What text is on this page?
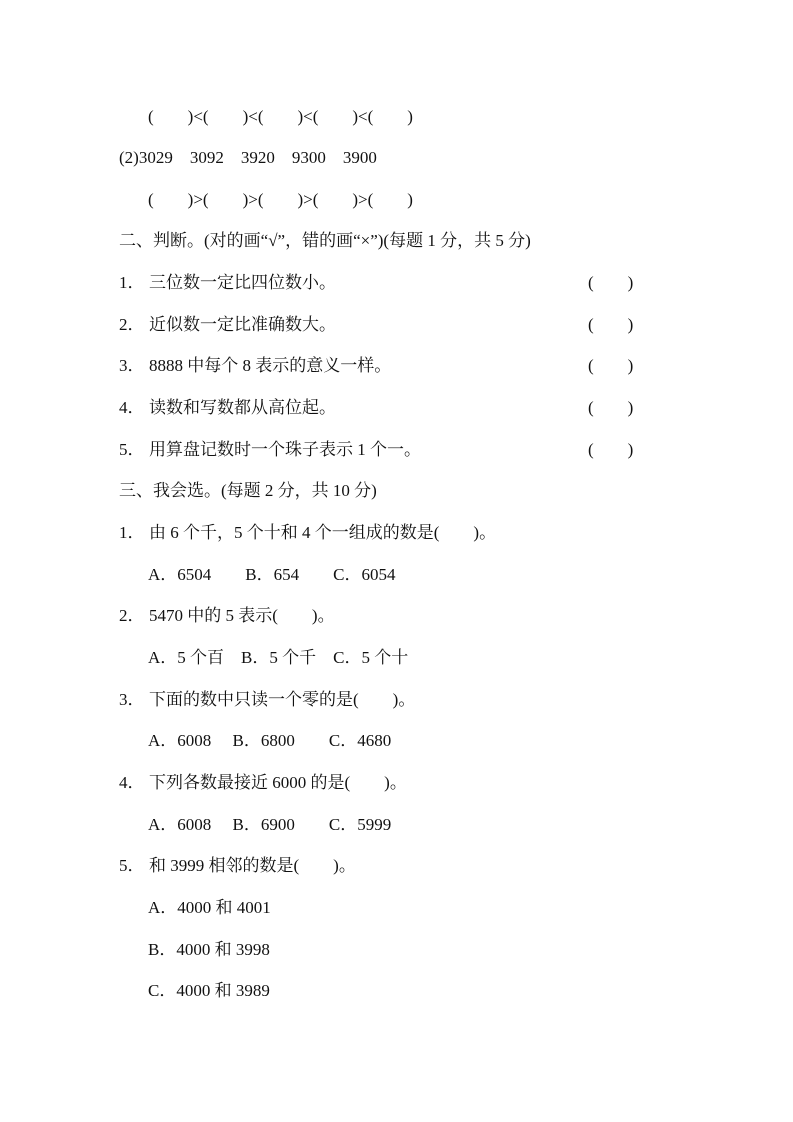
(　　)<(　　)<(　　)<(　　)<(　　)
(2)3029　3092　3920　9300　3900
(　　)>(　　)>(　　)>(　　)>(　　)
二、判断。(对的画“√”，错的画“×”)(每题 1 分，共 5 分)
1． 三位数一定比四位数小。	(　　)
2． 近似数一定比准确数大。	(　　)
3． 8888 中每个 8 表示的意义一样。	(　　)
4． 读数和写数都从高位起。	(　　)
5． 用算盘记数时一个珠子表示 1 个一。	(　　)
三、我会选。(每题 2 分，共 10 分)
1． 由 6 个千，5 个十和 4 个一组成的数是(　　)。
A．6504　　B．654　　C．6054
2． 5470 中的 5 表示(　　)。
A．5 个百　B．5 个千　C．5 个十
3． 下面的数中只读一个零的是(　　)。
A．6008　 B．6800　　C．4680
4． 下列各数最接近 6000 的是(　　)。
A．6008　 B．6900　　C．5999
5． 和 3999 相邻的数是(　　)。
A．4000 和 4001
B．4000 和 3998
C．4000 和 3989
